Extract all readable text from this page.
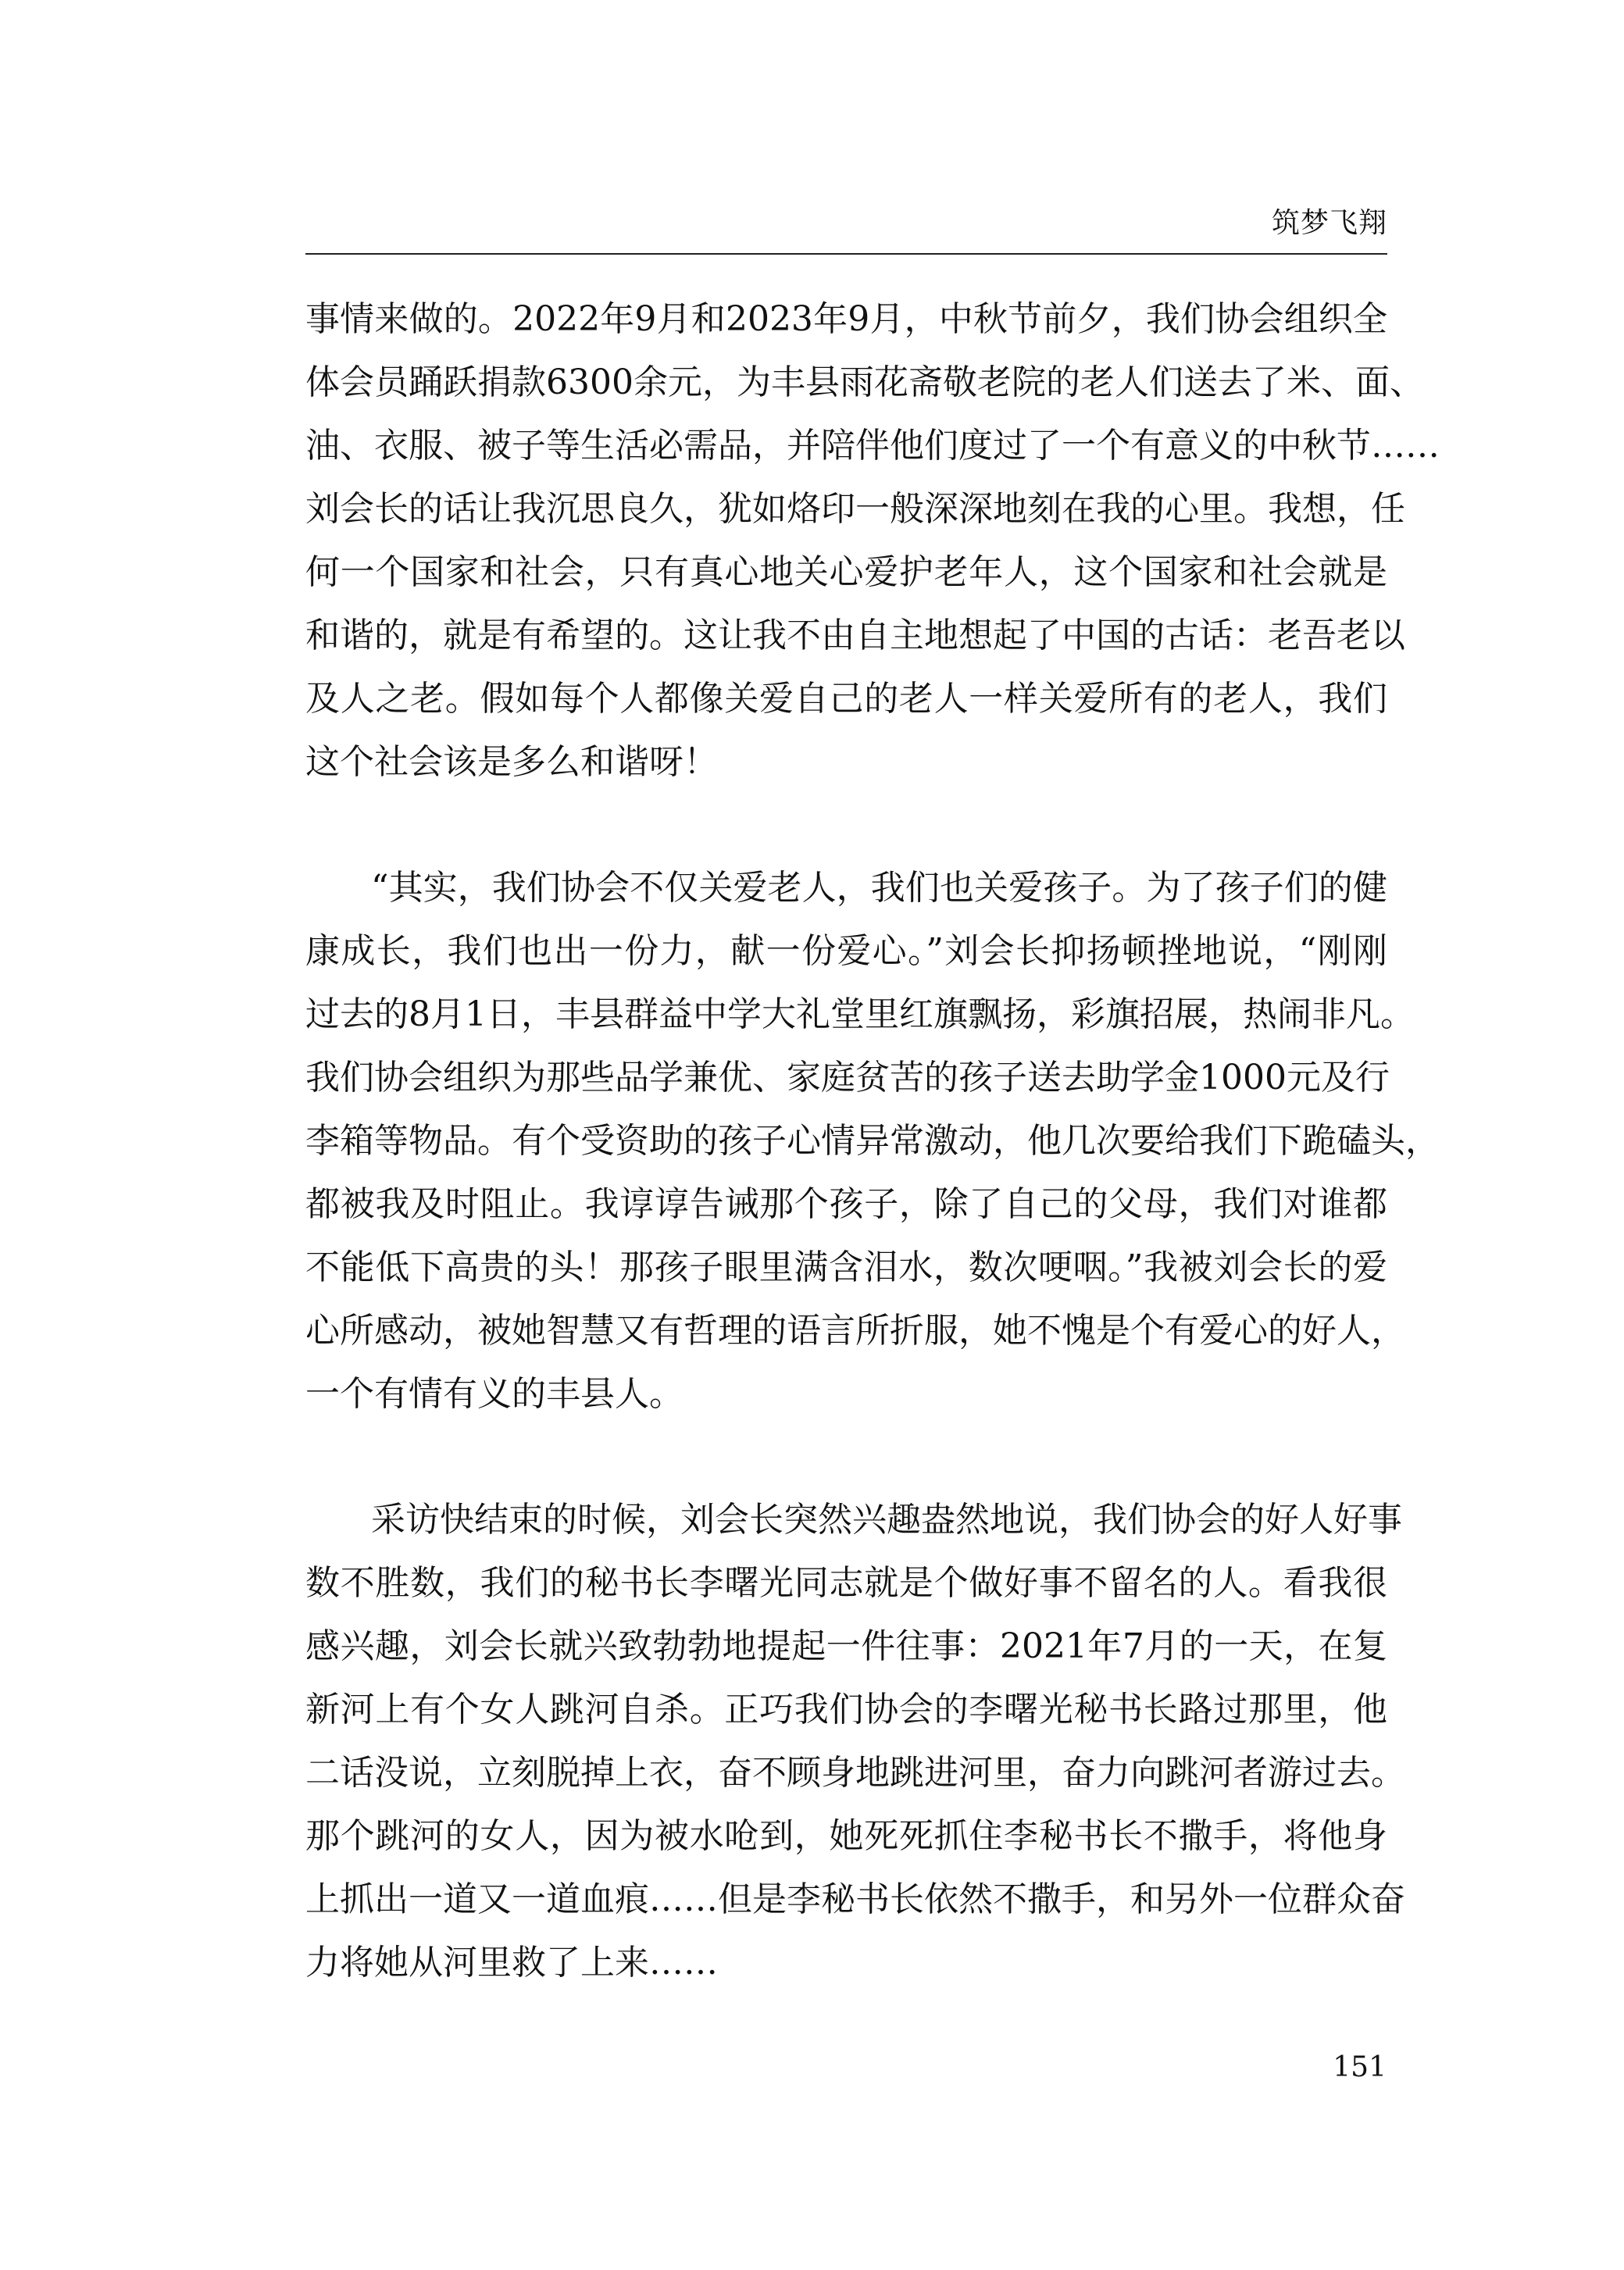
筑梦飞翔
事情来做的。2022年9月和2023年9月，中秋节前夕，我们协会组织全
体会员踊跃捐款6300余元，为丰县雨花斋敬老院的老人们送去了米、面、
油、衣服、被子等生活必需品，并陪伴他们度过了一个有意义的中秋节……
刘会长的话让我沉思良久，犹如烙印一般深深地刻在我的心里。我想，任
何一个国家和社会，只有真心地关心爱护老年人，这个国家和社会就是
和谐的，就是有希望的。这让我不由自主地想起了中国的古话：老吾老以
及人之老。假如每个人都像关爱自己的老人一样关爱所有的老人，我们
这个社会该是多么和谐呀！
“其实，我们协会不仅关爱老人，我们也关爱孩子。为了孩子们的健
康成长，我们也出一份力，献一份爱心。”刘会长抑扬顿挫地说，“刚刚
过去的8月1日，丰县群益中学大礼堂里红旗飘扬，彩旗招展，热闹非凡。
我们协会组织为那些品学兼优、家庭贫苦的孩子送去助学金1000元及行
李箱等物品。有个受资助的孩子心情异常激动，他几次要给我们下跪磕头，
都被我及时阻止。我谆谆告诫那个孩子，除了自己的父母，我们对谁都
不能低下高贵的头！那孩子眼里满含泪水，数次哽咽。”我被刘会长的爱
心所感动，被她智慧又有哲理的语言所折服，她不愧是个有爱心的好人，
一个有情有义的丰县人。
采访快结束的时候，刘会长突然兴趣盎然地说，我们协会的好人好事
数不胜数，我们的秘书长李曙光同志就是个做好事不留名的人。看我很
感兴趣，刘会长就兴致勃勃地提起一件往事：2021年7月的一天，在复
新河上有个女人跳河自杀。正巧我们协会的李曙光秘书长路过那里，他
二话没说，立刻脱掉上衣，奋不顾身地跳进河里，奋力向跳河者游过去。
那个跳河的女人，因为被水呛到，她死死抓住李秘书长不撒手，将他身
上抓出一道又一道血痕……但是李秘书长依然不撒手，和另外一位群众奋
力将她从河里救了上来……
151
